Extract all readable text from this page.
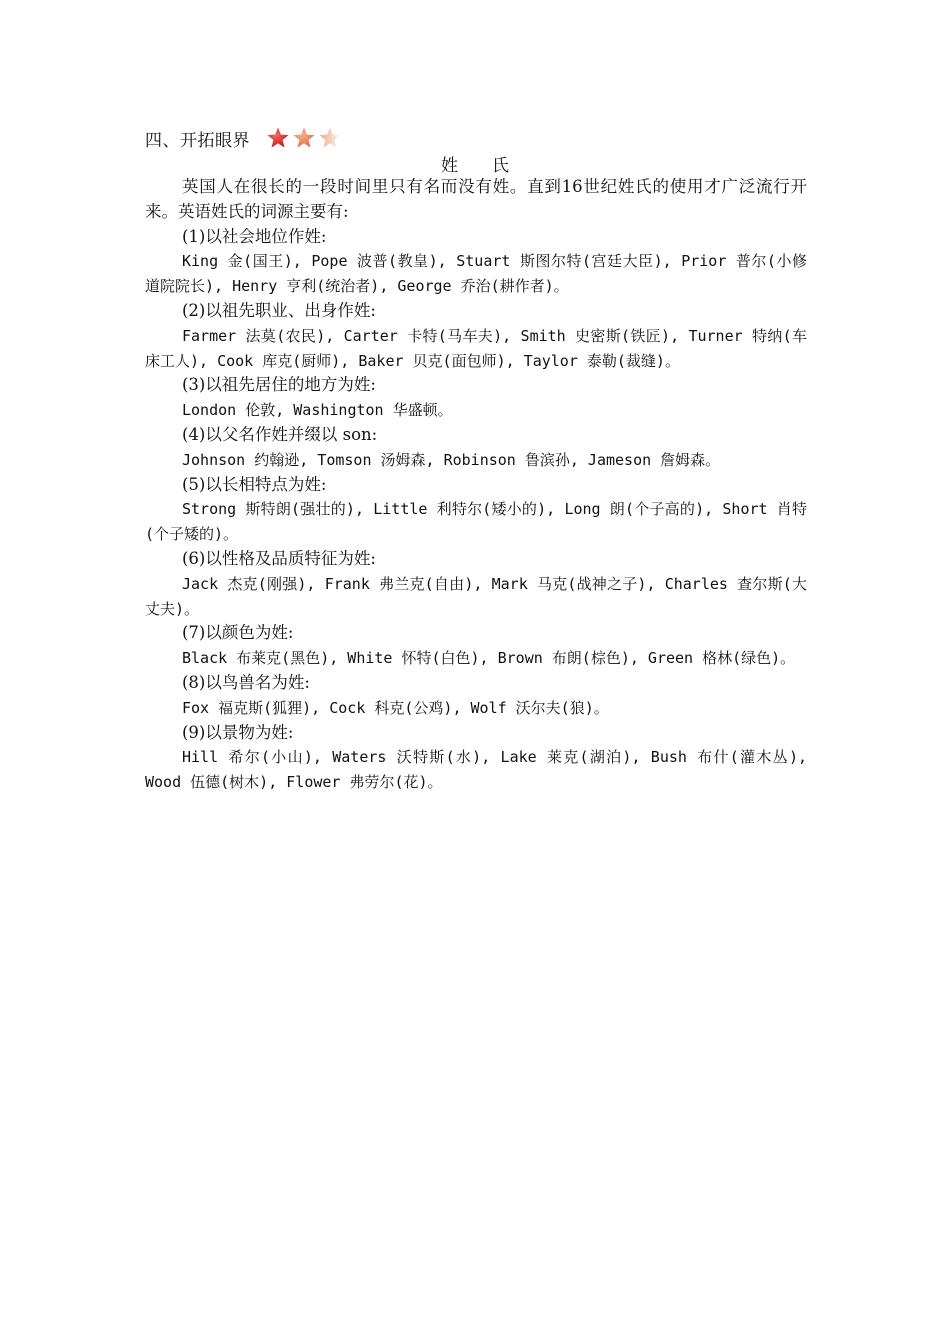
四、开拓眼界
姓 氏

英国人在很长的一段时间里只有名而没有姓。直到16世纪姓氏的使用才广泛流行开来。英语姓氏的词源主要有:

(1)以社会地位作姓:

King 金(国王), Pope 波普(教皇), Stuart 斯图尔特(宫廷大臣), Prior 普尔(小修道院院长), Henry 亨利(统治者), George 乔治(耕作者)。

(2)以祖先职业、出身作姓:

Farmer 法莫(农民), Carter 卡特(马车夫), Smith 史密斯(铁匠), Turner 特纳(车床工人), Cook 库克(厨师), Baker 贝克(面包师), Taylor 泰勒(裁缝)。

(3)以祖先居住的地方为姓:

London 伦敦, Washington 华盛顿。

(4)以父名作姓并缀以 son:

Johnson 约翰逊, Tomson 汤姆森, Robinson 鲁滨孙, Jameson 詹姆森。

(5)以长相特点为姓:

Strong 斯特朗(强壮的), Little 利特尔(矮小的), Long 朗(个子高的), Short 肖特(个子矮的)。

(6)以性格及品质特征为姓:

Jack 杰克(刚强), Frank 弗兰克(自由), Mark 马克(战神之子), Charles 查尔斯(大丈夫)。

(7)以颜色为姓:

Black 布莱克(黑色), White 怀特(白色), Brown 布朗(棕色), Green 格林(绿色)。

(8)以鸟兽名为姓:

Fox 福克斯(狐狸), Cock 科克(公鸡), Wolf 沃尔夫(狼)。

(9)以景物为姓:

Hill 希尔(小山), Waters 沃特斯(水), Lake 莱克(湖泊), Bush 布什(灌木丛), Wood 伍德(树木), Flower 弗劳尔(花)。
